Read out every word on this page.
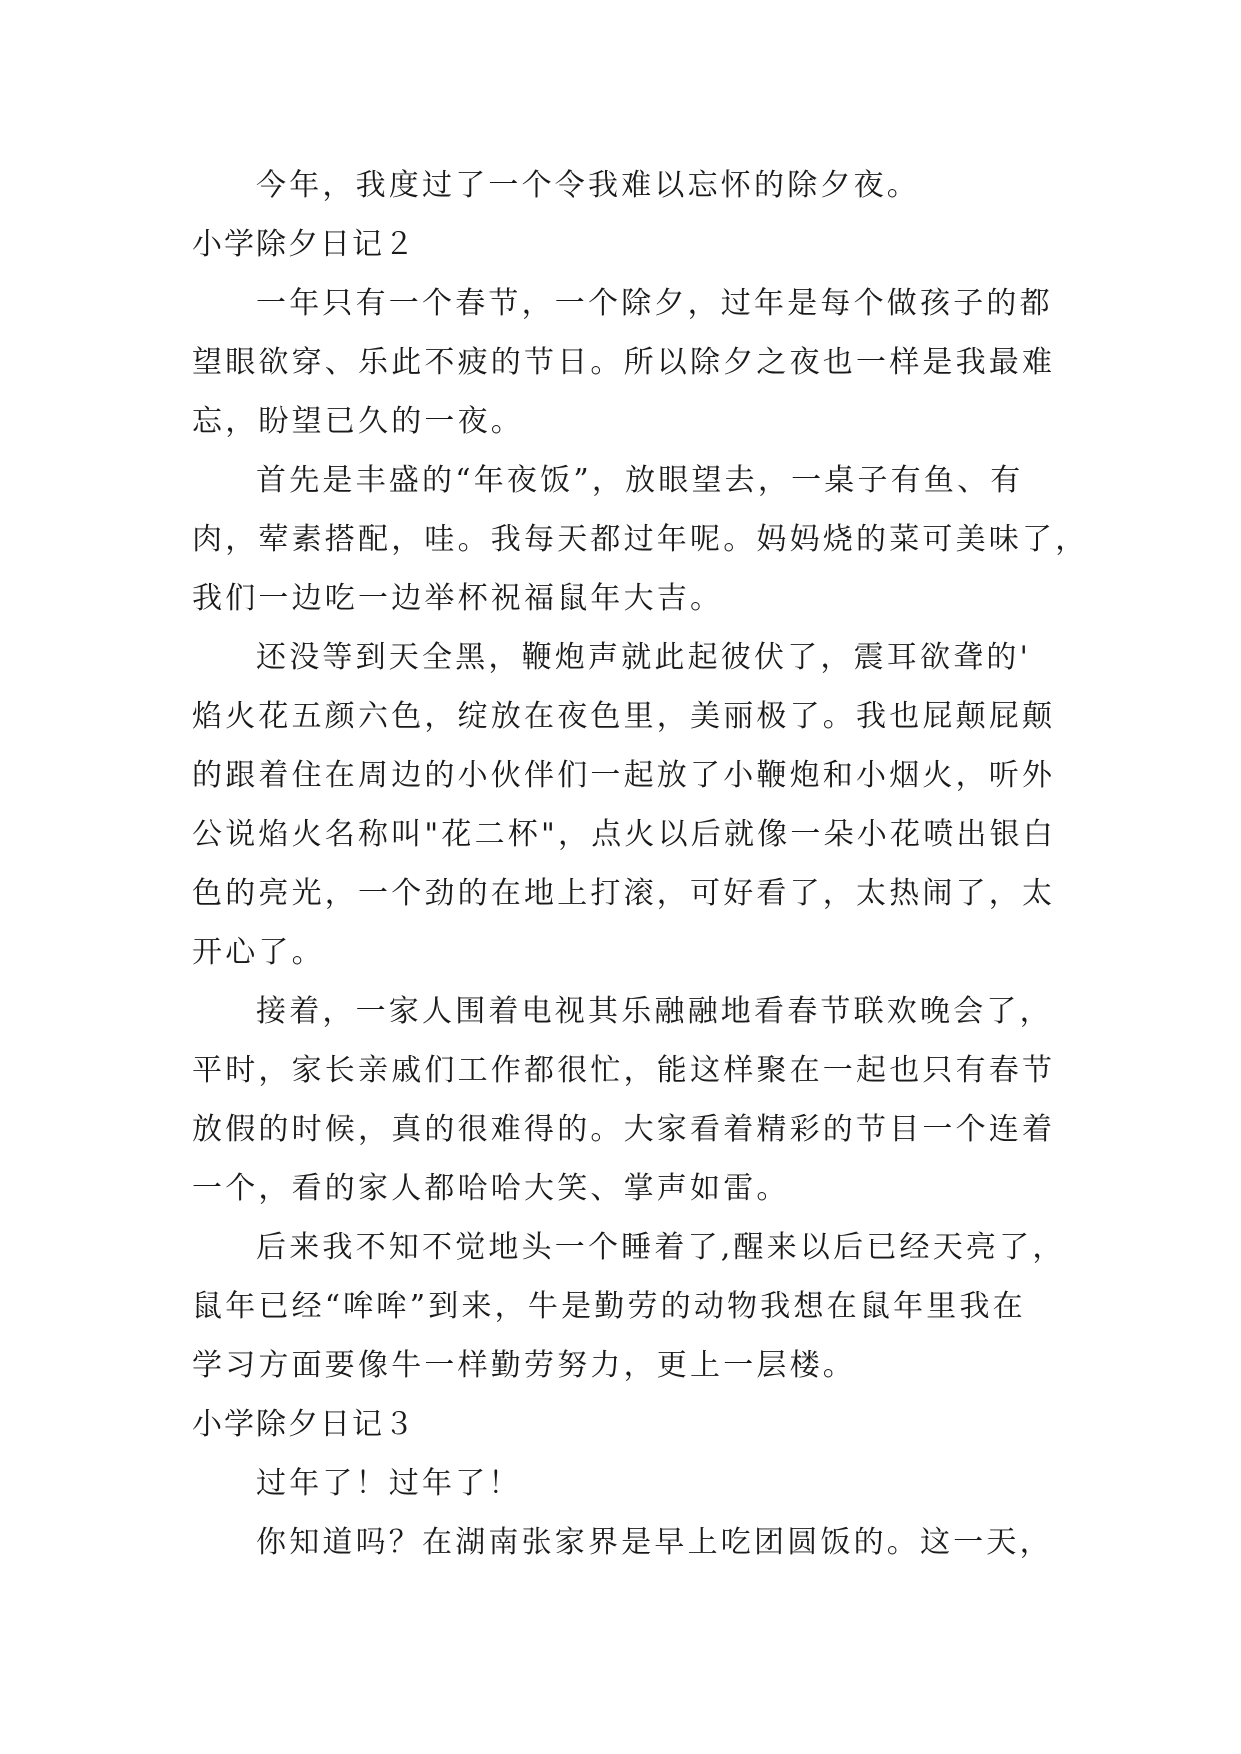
今年，我度过了一个令我难以忘怀的除夕夜。
小学除夕日记２
一年只有一个春节，一个除夕，过年是每个做孩子的都
望眼欲穿、乐此不疲的节日。所以除夕之夜也一样是我最难
忘，盼望已久的一夜。
首先是丰盛的“年夜饭”，放眼望去，一桌子有鱼、有
肉，荤素搭配，哇。我每天都过年呢。妈妈烧的菜可美味了，
我们一边吃一边举杯祝福鼠年大吉。
还没等到天全黑，鞭炮声就此起彼伏了，震耳欲聋的'
焰火花五颜六色，绽放在夜色里，美丽极了。我也屁颠屁颠
的跟着住在周边的小伙伴们一起放了小鞭炮和小烟火，听外
公说焰火名称叫"花二杯"，点火以后就像一朵小花喷出银白
色的亮光，一个劲的在地上打滚，可好看了，太热闹了，太
开心了。
接着，一家人围着电视其乐融融地看春节联欢晚会了，
平时，家长亲戚们工作都很忙，能这样聚在一起也只有春节
放假的时候，真的很难得的。大家看着精彩的节目一个连着
一个，看的家人都哈哈大笑、掌声如雷。
后来我不知不觉地头一个睡着了,醒来以后已经天亮了，
鼠年已经“哞哞”到来，牛是勤劳的动物我想在鼠年里我在
学习方面要像牛一样勤劳努力，更上一层楼。
小学除夕日记３
过年了！过年了！
你知道吗？在湖南张家界是早上吃团圆饭的。这一天，
